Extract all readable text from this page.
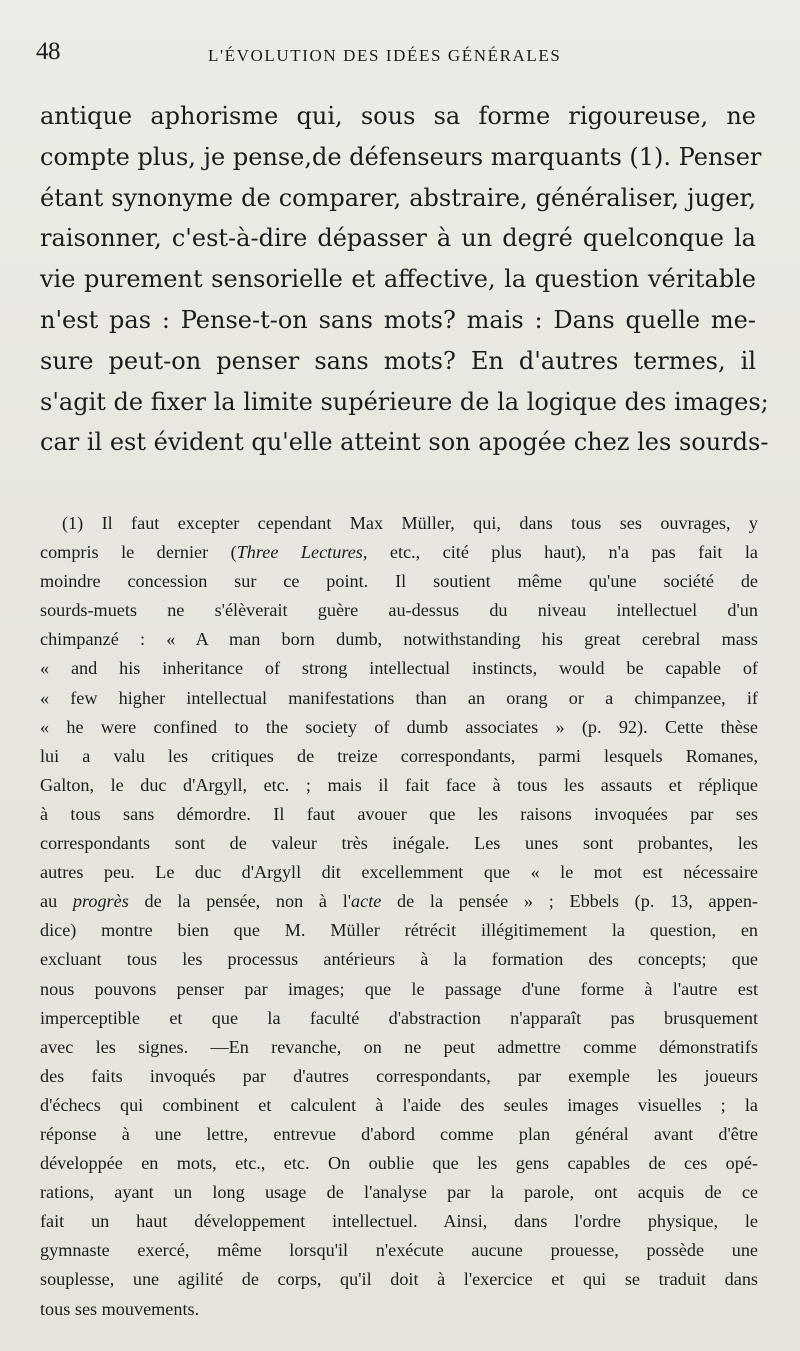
48	L'ÉVOLUTION DES IDÉES GÉNÉRALES
antique aphorisme qui, sous sa forme rigoureuse, ne
compte plus, je pense,de défenseurs marquants (1). Penser
étant synonyme de comparer, abstraire, généraliser, juger,
raisonner, c'est-à-dire dépasser à un degré quelconque la
vie purement sensorielle et affective, la question véritable
n'est pas : Pense-t-on sans mots? mais : Dans quelle me-
sure peut-on penser sans mots? En d'autres termes, il
s'agit de fixer la limite supérieure de la logique des images;
car il est évident qu'elle atteint son apogée chez les sourds-
(1) Il faut excepter cependant Max Müller, qui, dans tous ses ouvrages, y
compris le dernier (Three Lectures, etc., cité plus haut), n'a pas fait la
moindre concession sur ce point. Il soutient même qu'une société de
sourds-muets ne s'élèverait guère au-dessus du niveau intellectuel d'un
chimpanzé : « A man born dumb, notwithstanding his great cerebral mass
« and his inheritance of strong intellectual instincts, would be capable of
« few higher intellectual manifestations than an orang or a chimpanzee, if
« he were confined to the society of dumb associates » (p. 92). Cette thèse
lui a valu les critiques de treize correspondants, parmi lesquels Romanes,
Galton, le duc d'Argyll, etc. ; mais il fait face à tous les assauts et réplique
à tous sans démordre. Il faut avouer que les raisons invoquées par ses
correspondants sont de valeur très inégale. Les unes sont probantes, les
autres peu. Le duc d'Argyll dit excellemment que « le mot est nécessaire
au progrès de la pensée, non à l'acte de la pensée » ; Ebbels (p. 13, appen-
dice) montre bien que M. Müller rétrécit illégitimement la question, en
excluant tous les processus antérieurs à la formation des concepts; que
nous pouvons penser par images; que le passage d'une forme à l'autre est
imperceptible et que la faculté d'abstraction n'apparaît pas brusquement
avec les signes. —En revanche, on ne peut admettre comme démonstratifs
des faits invoqués par d'autres correspondants, par exemple les joueurs
d'échecs qui combinent et calculent à l'aide des seules images visuelles ; la
réponse à une lettre, entrevue d'abord comme plan général avant d'être
développée en mots, etc., etc. On oublie que les gens capables de ces opé-
rations, ayant un long usage de l'analyse par la parole, ont acquis de ce
fait un haut développement intellectuel. Ainsi, dans l'ordre physique, le
gymnaste exercé, même lorsqu'il n'exécute aucune prouesse, possède une
souplesse, une agilité de corps, qu'il doit à l'exercice et qui se traduit dans
tous ses mouvements.
